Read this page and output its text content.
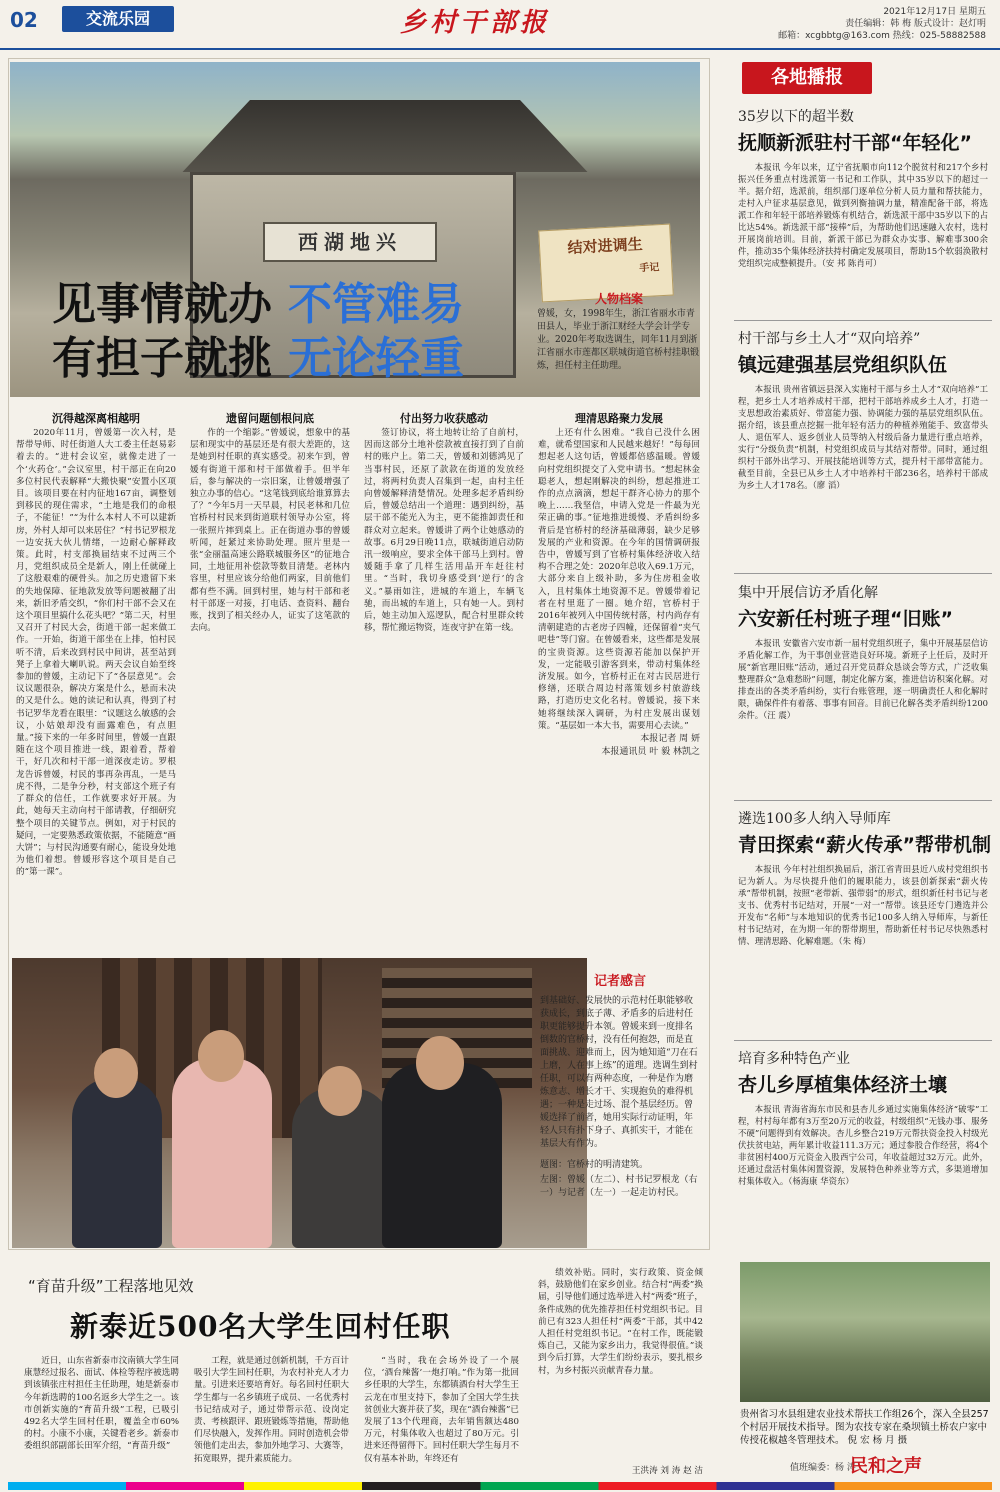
02	交流乐园	乡村干部报	2021年12月17日 星期五
责任编辑：韩 梅 版式设计：赵灯明
邮箱：xcgbbtg@163.com 热线：025-58882588
西湖地兴	结对进调生
手记
见事情就办 不管难易
有担子就挑 无论轻重
人物档案
曾媛，女，1998年生，浙江省丽水市青田县人，毕业于浙江财经大学会计学专业。2020年考取选调生，同年11月到浙江省丽水市莲都区联城街道官桥村挂职锻炼，担任村主任助理。

沉得越深离相越明

2020年11月，曾媛第一次入村，是帮带导师、时任街道人大工委主任赵易彩着去的。“进村会议室，就像走进了一个‘火药仓’。”会议室里，村干部正在向20多位村民代表解释“大搬快聚”安置小区项目。该项目要在村内征地167亩，调整划到移民的现住需求，“土地是我们的命根子，不能征！”“为什么本村人不可以建新房，外村人却可以来居住？”村书记罗根龙一边安抚大伙儿情绪，一边耐心解释政策。此时，村支部换届结束不过两三个月，党组织成员全是新人，刚上任就碰上了这般艰难的硬骨头。加之历史遗留下来的失地保障、征地款发放等问题被翻了出来，新旧矛盾交织，“你们村干部不会又在这个项目里搞什么花头吧？”第二天，村里又召开了村民大会，街道干部一起来做工作。一开始，街道干部坐在上排，怕村民听不清，后来改到村民中间讲，甚至站到凳子上拿着大喇叭说。两天会议自始至终参加的曾媛，主动记下了“各层意见”。会议议题很杂，解决方案是什么，悬而未决的又是什么。她的读记和认真，得到了村书记罗华龙看在眼里：“议题这么敏感的会议，小姑娘却没有面露难色，有点胆量。”接下来的一年多时间里，曾媛一直跟随在这个项目推进一线，跟着看，帮着干，好几次和村干部一道深夜走访。罗根龙告诉曾媛，村民的事再杂再乱，一是马虎不得，二是争分秒，村支部这个班子有了群众的信任，工作就要求好开展。为此，她每天主动向村干部请教，仔细研究整个项目的关键节点。例如，对于村民的疑问，一定要熟悉政策依据，不能随意“画大饼”；与村民沟通要有耐心，能设身处地为他们着想。曾媛形容这个项目是自己的“第一课”。

遗留问题刨根问底

作的一个缩影。”曾媛说，想象中的基层和现实中的基层还是有很大差距的，这是她到村任职的真实感受。初来乍到，曾媛有街道干部和村干部做着手。但半年后，参与解决的一宗旧案，让曾媛增强了独立办事的信心。“这笔钱到底给谁算算去了？”今年5月一天早晨，村民老林和几位官桥村村民来到街道联村领导办公室，将一张照片摔到桌上。正在街道办事的曾媛听闻，赶紧过来协助处理。照片里是一张“金丽温高速公路联城服务区”的征地合同，土地征用补偿款等数目清楚。老林内容里，村里应该分给他们两家，目前他们都有些不满。回到村里，她与村干部和老村干部逐一对接，打电话、查资料、翻台账，找到了相关经办人，证实了这笔款的去向。

付出努力收获感动

签订协议，将土地转让给了自前村，因而这部分土地补偿款被直接打到了自前村的账户上。第二天，曾媛和刘德鸿见了当事村民，还原了款款在街道的发放经过，将两村负责人召集到一起，由村主任向曾媛解释清楚情况。处理多起矛盾纠纷后，曾媛总结出一个道理：遇到纠纷，基层干部不能光入为主，更不能推卸责任和群众对立起来。曾媛讲了两个让她感动的故事。6月29日晚11点，联城街道启动防汛一级响应，要求全体干部马上到村。曾媛随手拿了几样生活用品开车赶往村里。“当时，我切身感受到‘逆行’的含义。”暴雨如注，进城的车道上，车辆飞驰，而出城的车道上，只有她一人。到村后，她主动加入巡逻队，配合村里群众转移，帮忙搬运物资，连夜守护在第一线。

理清思路聚力发展

上还有什么困难。“我自己没什么困难，就希望国家和人民越来越好！”每每回想起老人这句话，曾媛都倍感温暖。曾媛向村党组织提交了入党申请书。“想起林金聪老人，想起刚解决的纠纷，想起推进工作的点点滴滴，想起干群齐心协力的那个晚上……我坚信，申请入党是一件最为光荣正确的事。”征地推进缓慢、矛盾纠纷多背后是官桥村的经济基础薄弱，缺少足够发展的产业和资源。在今年的国情调研报告中，曾媛写到了官桥村集体经济收入结构不合理之处：2020年总收入69.1万元，大部分来自上级补助，多为住房租金收入，且村集体土地资源不足。曾媛带着记者在村里逛了一圈。她介绍，官桥村于2016年被列入中国传统村落，村内尚存有清朝建造的古老房子四幢，还保留着“夹气吧巷”等门窗。在曾媛看来，这些都是发展的宝贵资源。这些资源若能加以保护开发，一定能吸引游客到来，带动村集体经济发展。如今，官桥村正在对古民居进行修缮，还联合周边村落策划乡村旅游线路，打造历史文化名村。曾媛说，接下来她将继续深入调研，为村庄发展出谋划策。“基层如一本大书，需要用心去读。”

本报记者 周 妍

本报通讯员 叶 毅 林凯之

记者感言
到基础好、发展快的示范村任职能够收获成长，到底子薄、矛盾多的后进村任职更能够提升本领。曾媛来到一度排名倒数的官桥村，没有任何抱怨，而是直面挑战、迎难而上，因为她知道“刀在石上磨，人在事上练”的道理。选调生到村任职，可以有两种态度，一种是作为磨炼意志、增长才干、实现抱负的难得机遇；一种是走过场、混个基层经历。曾媛选择了前者，她用实际行动证明，年轻人只有扑下身子、真抓实干，才能在基层大有作为。
题图：官桥村的明清建筑。
左图：曾媛（左二）、村书记罗根龙（右一）与记者（左一）一起走访村民。
“育苗升级”工程落地见效
新泰近500名大学生回村任职

近日，山东省新泰市汶南镇大学生同康慧经过报名、面试、体检等程序被选聘到该镇张庄村担任主任助理，她是新泰市今年新选聘的100名返乡大学生之一。该市创新实施的“育苗升级”工程，已吸引492名大学生回村任职，覆盖全市60%的村。小康不小康，关键看老乡。新泰市委组织部副部长田军介绍，“育苗升级”

工程，就是通过创新机制，千方百计吸引大学生回村任职，为农村补充人才力量。引进来还要培育好。每名回村任职大学生都与一名乡镇班子成员、一名优秀村书记结成对子，通过带帮示范、设岗定责、考核跟评、跟班锻炼等措施，帮助他们尽快融入，发挥作用。同时创造机会带领他们走出去，参加外地学习、大赛等，拓宽眼界，提升素质能力。

“当时，我在会场外设了一个展位，‘酒台辣酱’一炮打响。”作为第一批回乡任职的大学生，东都镇酒台村大学生王云龙在市里支持下，参加了全国大学生扶贫创业大赛并获了奖，现在“酒台辣酱”已发展了13个代理商，去年销售额达480万元，村集体收入也超过了80万元。引进来还得留得下。回村任职大学生每月不仅有基本补助，年终还有

绩效补贴。同时，实行政策、资金倾斜，鼓励他们在家乡创业。结合村“两委”换届，引导他们通过选举进入村“两委”班子，条件成熟的优先推荐担任村党组织书记。目前已有323人担任村“两委”干部，其中42人担任村党组织书记。“在村工作，既能锻炼自己，又能为家乡出力，我觉得很值。”谈到今后打算，大学生们纷纷表示，要扎根乡村，为乡村振兴贡献青春力量。

王洪涛 刘 涛 赵 洁
各地播报
35岁以下的超半数
抚顺新派驻村干部“年轻化”

本报讯 今年以来，辽宁省抚顺市向112个脱贫村和217个乡村振兴任务重点村选派第一书记和工作队，其中35岁以下的超过一半。据介绍，选派前，组织部门逐单位分析人员力量和帮扶能力，走村入户征求基层意见，做到列衡抽调力量，精准配备干部，将选派工作和年轻干部培养锻炼有机结合，新选派干部中35岁以下的占比达54%。新选派干部“接棒”后，为帮助他们迅速融入农村，选村开展岗前培训。目前，新派干部已为群众办实事、解难事300余件，推动35个集体经济扶持村确定发展项目，帮助15个软弱涣散村党组织完成整顿提升。（安 邦 陈肖可）

村干部与乡土人才“双向培养”
镇远建强基层党组织队伍

本报讯 贵州省镇远县深入实施村干部与乡土人才“双向培养”工程，把乡土人才培养成村干部，把村干部培养成乡土人才，打造一支思想政治素质好、带富能力强、协调能力强的基层党组织队伍。据介绍，该县重点挖掘一批年轻有活力的种植养殖能手、致富带头人、退伍军人、返乡创业人员等纳入村级后备力量进行重点培养，实行“分级负责”机制，村党组织成员与其结对帮带。同时，通过组织村干部外出学习、开展技能培训等方式，提升村干部带富能力。截至目前，全县已从乡土人才中培养村干部236名，培养村干部成为乡土人才178名。（廖 滔）

集中开展信访矛盾化解
六安新任村班子理“旧账”

本报讯 安徽省六安市新一届村党组织班子，集中开展基层信访矛盾化解工作，为干事创业营造良好环境。新班子上任后，及时开展“新官理旧账”活动，通过召开党员群众恳谈会等方式，广泛收集整理群众“急难愁盼”问题，制定化解方案，推进信访积案化解。对排查出的各类矛盾纠纷，实行台账管理，逐一明确责任人和化解时限，确保件件有着落、事事有回音。目前已化解各类矛盾纠纷1200余件。（汪 震）

遴选100多人纳入导师库
青田探索“薪火传承”帮带机制

本报讯 今年村社组织换届后，浙江省青田县近八成村党组织书记为新人。为尽快提升他们的履职能力，该县创新探索“薪火传承”帮带机制，按照“老带新、强带弱”的形式，组织新任村书记与老支书、优秀村书记结对，开展“一对一”帮带。该县还专门遴选并公开发布“名师”与本地知识的优秀书记100多人纳入导师库，与新任村书记结对，在为期一年的帮带期里，帮助新任村书记尽快熟悉村情、理清思路、化解难题。（朱 梅）

培育多种特色产业
杏儿乡厚植集体经济土壤

本报讯 青海省海东市民和县杏儿乡通过实施集体经济“破零”工程，村村每年都有3万至20万元的收益，村级组织“无钱办事、服务不硬”问题得到有效解决。杏儿乡整合219万元帮扶资金投入村级光伏扶贫电站，两年累计收益111.3万元；通过参股合作经营，将4个非贫困村400万元资金入股西宁公司，年收益超过32万元。此外，还通过盘活村集体闲置资源，发展特色种养业等方式，多渠道增加村集体收入。（杨海康 华资东）

贵州省习水县组建农业技术帮扶工作组26个，深入全县257个村居开展技术指导。图为农技专家在桑坝镇土桥农户家中传授花椒越冬管理技术。 倪 宏 杨 月 摄
值班编委：杨 涛
民和之声
